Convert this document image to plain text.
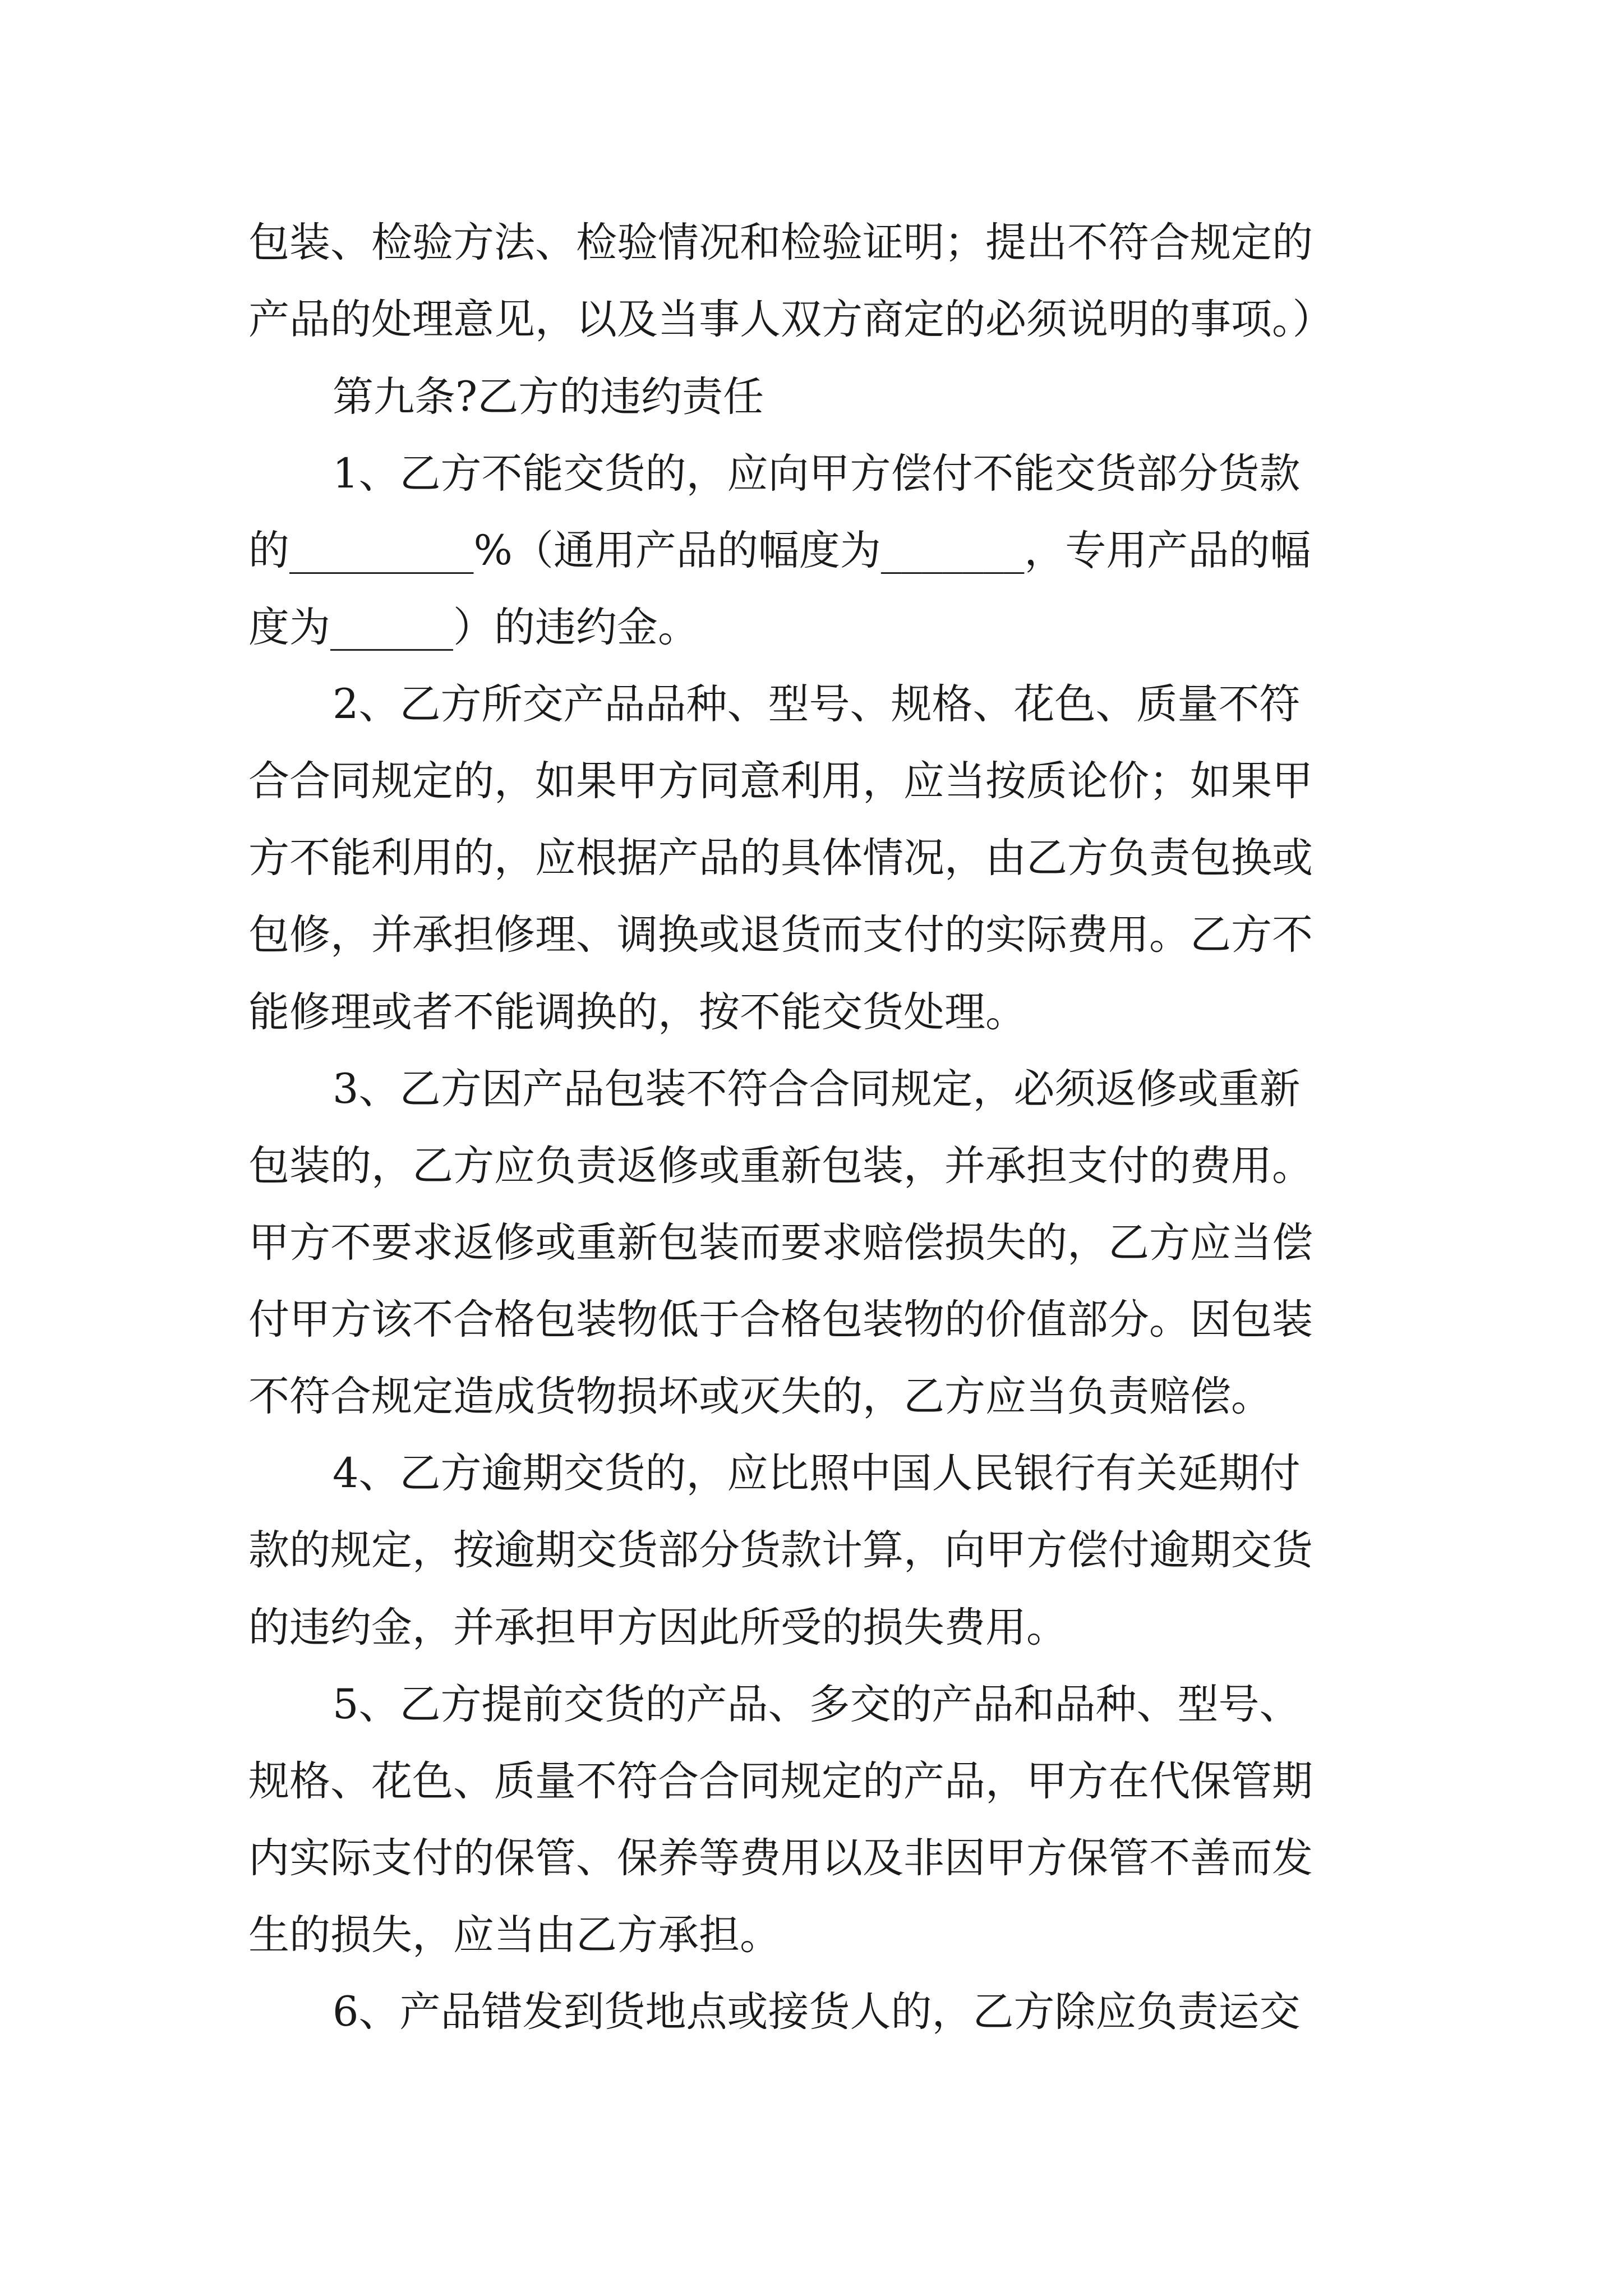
包装、检验方法、检验情况和检验证明；提出不符合规定的

产品的处理意见，以及当事人双方商定的必须说明的事项。）

第九条?乙方的违约责任

1、乙方不能交货的，应向甲方偿付不能交货部分货款

的_________%（通用产品的幅度为_______，专用产品的幅

度为______）的违约金。

2、乙方所交产品品种、型号、规格、花色、质量不符

合合同规定的，如果甲方同意利用，应当按质论价；如果甲

方不能利用的，应根据产品的具体情况，由乙方负责包换或

包修，并承担修理、调换或退货而支付的实际费用。乙方不

能修理或者不能调换的，按不能交货处理。

3、乙方因产品包装不符合合同规定，必须返修或重新

包装的，乙方应负责返修或重新包装，并承担支付的费用。

甲方不要求返修或重新包装而要求赔偿损失的，乙方应当偿

付甲方该不合格包装物低于合格包装物的价值部分。因包装

不符合规定造成货物损坏或灭失的，乙方应当负责赔偿。

4、乙方逾期交货的，应比照中国人民银行有关延期付

款的规定，按逾期交货部分货款计算，向甲方偿付逾期交货

的违约金，并承担甲方因此所受的损失费用。

5、乙方提前交货的产品、多交的产品和品种、型号、

规格、花色、质量不符合合同规定的产品，甲方在代保管期

内实际支付的保管、保养等费用以及非因甲方保管不善而发

生的损失，应当由乙方承担。

6、产品错发到货地点或接货人的，乙方除应负责运交
